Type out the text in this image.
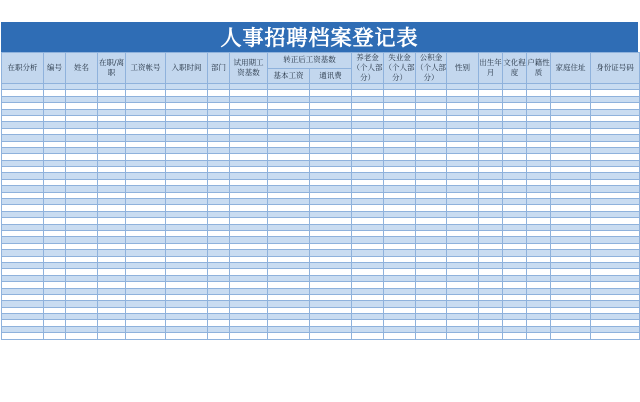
人事招聘档案登记表
在职分析	编号	姓名	在职/离职	工资帐号	入职时间	部门	试用期工资基数	转正后工资基数		养老金（个人部分）	失业金（个人部分）	公积金（个人部分）	性别	出生年月	文化程度	户籍性质	家庭住址	身份证号码
								基本工资	通讯费									
